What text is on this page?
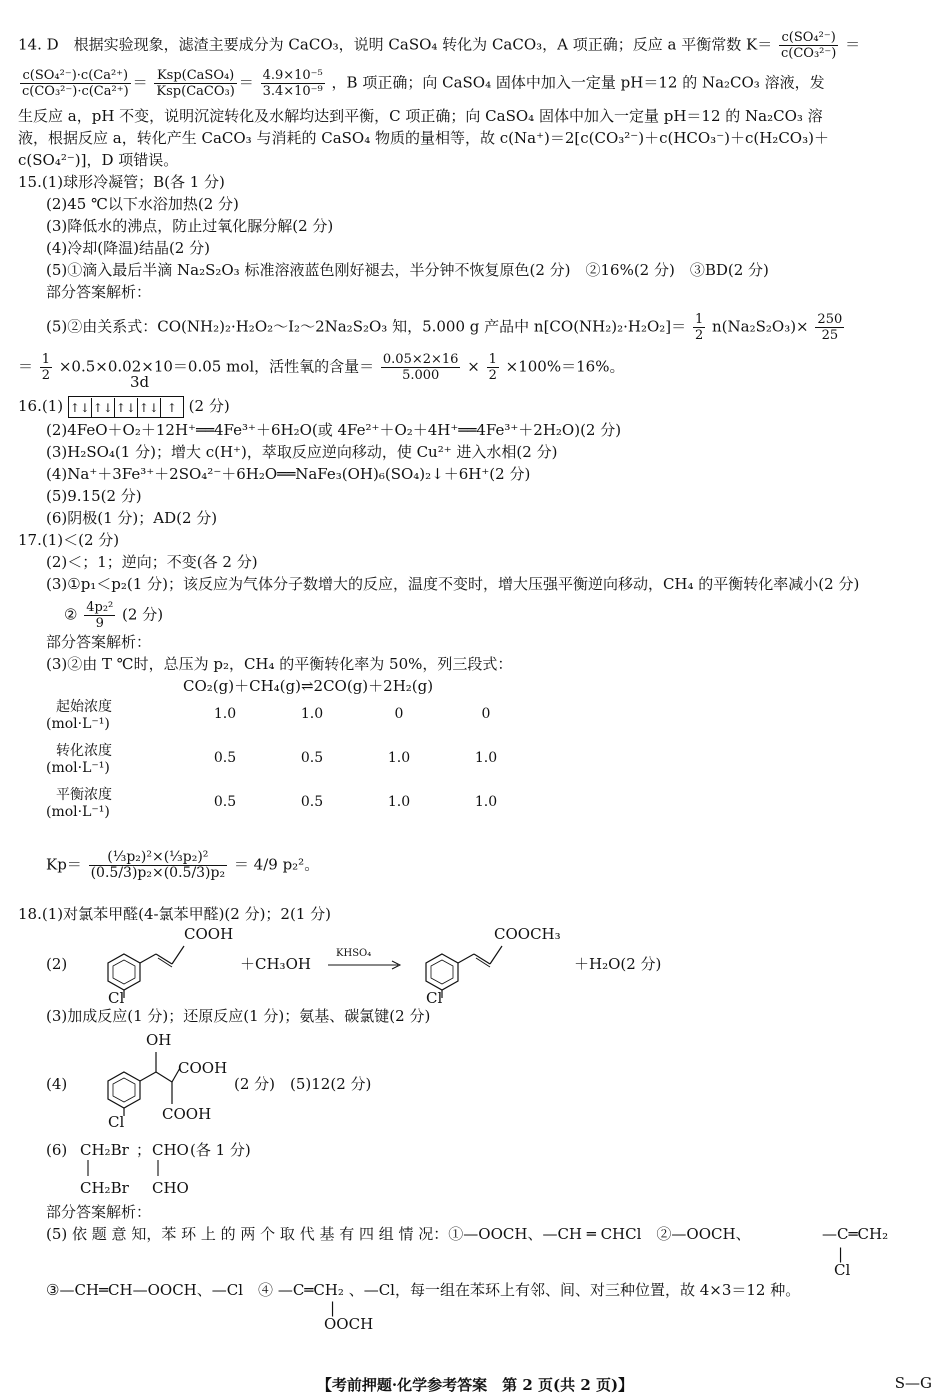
14. D　根据实验现象，滤渣主要成分为 CaCO₃，说明 CaSO₄ 转化为 CaCO₃，A 项正确；反应 a 平衡常数 $K= \frac{\text{c(SO₄²⁻)}}{\text{c(CO₃²⁻)}}$ ＝
$\frac{\text{c(SO₄²⁻)·c(Ca²⁺)}}{\text{c(CO₃²⁻)·c(Ca²⁺)}} = \frac{\text{Ksp(CaSO₄)}}{\text{Ksp(CaCO₃)}} = \frac{\text{4.9×10⁻⁵}}{\text{3.4×10⁻⁹}}$ ，B 项正确；向 CaSO₄ 固体中加入一定量 pH＝12 的 Na₂CO₃ 溶液，发
生反应 a，pH 不变，说明沉淀转化及水解均达到平衡，C 项正确；向 CaSO₄ 固体中加入一定量 pH＝12 的 Na₂CO₃ 溶
液，根据反应 a，转化产生 CaCO₃ 与消耗的 CaSO₄ 物质的量相等，故 c(Na⁺)＝2[c(CO₃²⁻)＋c(HCO₃⁻)＋c(H₂CO₃)＋
c(SO₄²⁻)]，D 项错误。
15.(1)球形冷凝管；B(各 1 分)
(2)45 ℃以下水浴加热(2 分)
(3)降低水的沸点，防止过氧化脲分解(2 分)
(4)冷却(降温)结晶(2 分)
(5)①滴入最后半滴 Na₂S₂O₃ 标准溶液蓝色刚好褪去，半分钟不恢复原色(2 分)　②16%(2 分)　③BD(2 分)
部分答案解析：
(5)②由关系式：CO(NH₂)₂·H₂O₂～I₂～2Na₂S₂O₃ 知，5.000 g 产品中 $n[CO(NH_2)_2\cdot H_2O_2]= \frac{1}{2} n(Na_2S_2O_3)\times \frac{250}{25}$
＝ $\frac{1}{2} \times 0.5\times 0.02\times 10=0.05$ mol，活性氧的含量＝ $\frac{0.05\times 2\times 16}{5.000} \times \frac{1}{2} \times 100\%=16\%$。
3d
16.(1) ↑↓ ↑↓ ↑↓ ↑↓ ↑ (2 分)
(2)4FeO＋O₂＋12H⁺══4Fe³⁺＋6H₂O(或 4Fe²⁺＋O₂＋4H⁺══4Fe³⁺＋2H₂O)(2 分)
(3)H₂SO₄(1 分)；增大 c(H⁺)，萃取反应逆向移动，使 Cu²⁺ 进入水相(2 分)
(4)Na⁺＋3Fe³⁺＋2SO₄²⁻＋6H₂O══NaFe₃(OH)₆(SO₄)₂↓＋6H⁺(2 分)
(5)9.15(2 分)
(6)阴极(1 分)；AD(2 分)
17.(1)＜(2 分)
(2)＜；1；逆向；不变(各 2 分)
(3)①p₁＜p₂(1 分)；该反应为气体分子数增大的反应，温度不变时，增大压强平衡逆向移动，CH₄ 的平衡转化率减小(2 分)
② $\frac{\text{4p₂²}}{9} (2$ 分)
部分答案解析：
(3)②由 T ℃时，总压为 p₂，CH₄ 的平衡转化率为 50%，列三段式：
CO₂(g)＋CH₄(g)⇌2CO(g)＋2H₂(g)
起始浓度
(mol·L⁻¹)	1.0	1.0	0	0

转化浓度
(mol·L⁻¹)	0.5	0.5	1.0	1.0

平衡浓度
(mol·L⁻¹)	0.5	0.5	1.0	1.0
$Kp= \frac{\text{(⅓p₂)²×(⅓p₂)²}}{\text{(0.5/3)p₂×(0.5/3)p₂}} = 4/9$ p₂²。
18.(1)对氯苯甲醛(4-氯苯甲醛)(2 分)；2(1 分)
(2)
COOH
Cl
＋CH₃OH
KHSO₄
COOCH₃
Cl
＋H₂O(2 分)
(3)加成反应(1 分)；还原反应(1 分)；氨基、碳氯键(2 分)
(4)
OH
COOH
COOH
Cl
(2 分)　(5)12(2 分)
(6) CH₂Br ； CHO (各 1 分)
CH₂Br CHO
部分答案解析：
(5) 依 题 意 知，苯 环 上 的 两 个 取 代 基 有 四 组 情 况：①—OOCH、—CH ═ CHCl　②—OOCH、	—C═CH₂
|
Cl
③—CH═CH—OOCH、—Cl　④ —C═CH₂ 、—Cl，每一组在苯环上有邻、间、对三种位置，故 4×3＝12 种。
|
OOCH
【考前押题·化学参考答案　第 2 页(共 2 页)】	S—G
